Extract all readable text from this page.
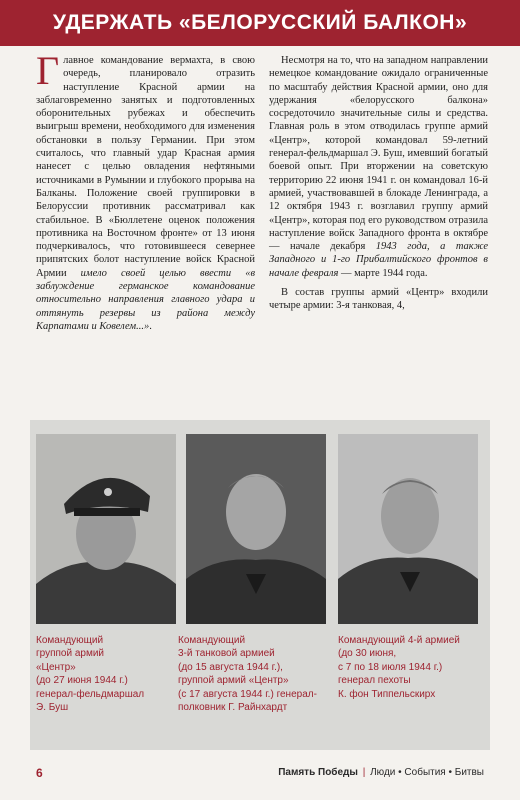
УДЕРЖАТЬ «БЕЛОРУССКИЙ БАЛКОН»

Главное командование вермахта, в свою очередь, планировало отразить наступление Красной армии на заблаговременно занятых и подготовленных оборонительных рубежах и обеспечить выигрыш времени, необходимого для изменения обстановки в пользу Германии. При этом считалось, что главный удар Красная армия нанесет с целью овладения нефтяными источниками в Румынии и глубокого прорыва на Балканы. Положение своей группировки в Белоруссии противник рассматривал как стабильное. В «Бюллетене оценок положения противника на Восточном фронте» от 13 июня подчеркивалось, что готовившееся севернее припятских болот наступление войск Красной Армии имело своей целью ввести «в заблуждение германское командование относительно направления главного удара и оттянуть резервы из района между Карпатами и Ковелем...».

Несмотря на то, что на западном направлении немецкое командование ожидало ограниченные по масштабу действия Красной армии, оно для удержания «белорусского балкона» сосредоточило значительные силы и средства. Главная роль в этом отводилась группе армий «Центр», которой командовал 59-летний генерал-фельдмаршал Э. Буш, имевший богатый боевой опыт. При вторжении на советскую территорию 22 июня 1941 г. он командовал 16-й армией, участвовавшей в блокаде Ленинграда, а 12 октября 1943 г. возглавил группу армий «Центр», которая под его руководством отразила наступление войск Западного фронта в октябре — начале декабря 1943 года, а также Западного и 1-го Прибалтийского фронтов в начале февраля — марте 1944 года.

В состав группы армий «Центр» входили четыре армии: 3-я танковая, 4,

Командующий
группой армий
«Центр»
(до 27 июня 1944 г.)
генерал-фельдмаршал
Э. Буш
Командующий
3-й танковой армией
(до 15 августа 1944 г.),
группой армий «Центр»
(с 17 августа 1944 г.) генерал-
полковник Г. Райнхардт
Командующий 4-й армией
(до 30 июня,
с 7 по 18 июля 1944 г.)
генерал пехоты
К. фон Типпельскирх
6	Память Победы | Люди • События • Битвы
